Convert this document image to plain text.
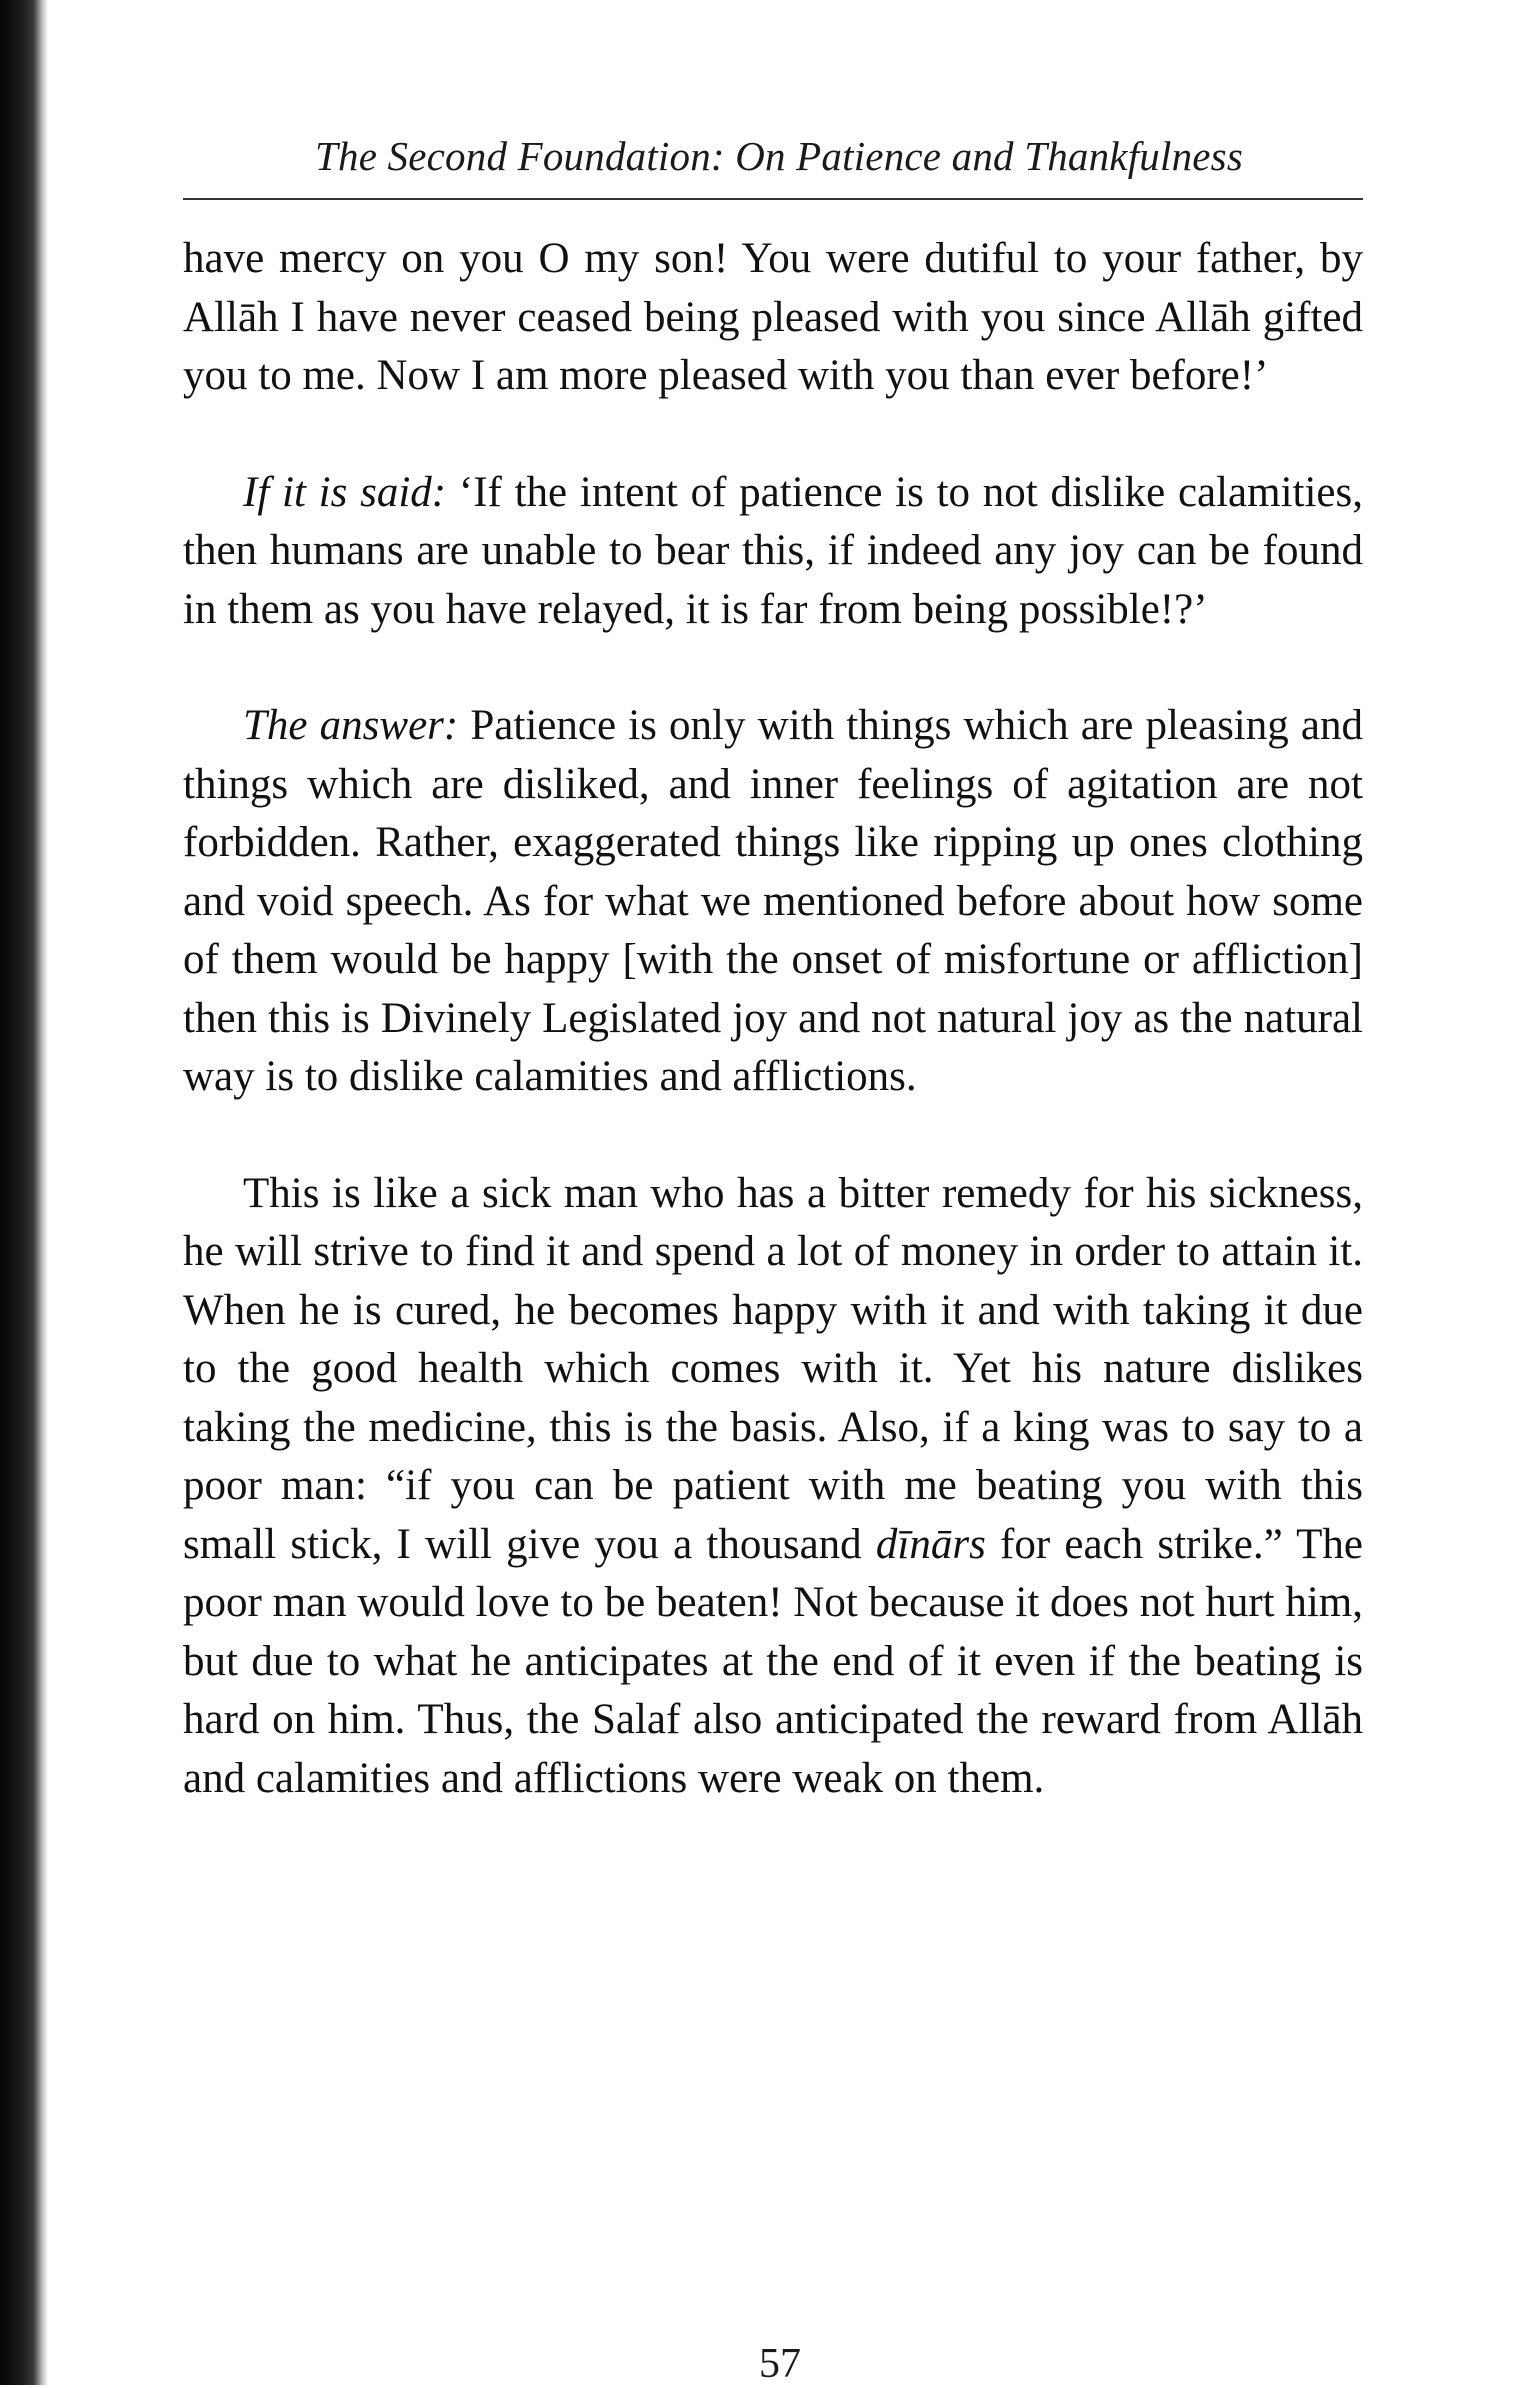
The Second Foundation: On Patience and Thankfulness

have mercy on you O my son! You were dutiful to your father, by Allāh I have never ceased being pleased with you since Allāh gifted you to me. Now I am more pleased with you than ever before!’

If it is said: ‘If the intent of patience is to not dislike calamities, then humans are unable to bear this, if indeed any joy can be found in them as you have relayed, it is far from being possible!?’

The answer: Patience is only with things which are pleasing and things which are disliked, and inner feelings of agitation are not forbidden. Rather, exaggerated things like ripping up ones clothing and void speech. As for what we mentioned before about how some of them would be happy [with the onset of misfortune or affliction] then this is Divinely Legislated joy and not natural joy as the natural way is to dislike calamities and afflictions.

This is like a sick man who has a bitter remedy for his sickness, he will strive to find it and spend a lot of money in order to attain it. When he is cured, he becomes happy with it and with taking it due to the good health which comes with it. Yet his nature dislikes taking the medicine, this is the basis. Also, if a king was to say to a poor man: “if you can be patient with me beating you with this small stick, I will give you a thousand dīnārs for each strike.” The poor man would love to be beaten! Not because it does not hurt him, but due to what he anticipates at the end of it even if the beating is hard on him. Thus, the Salaf also anticipated the reward from Allāh and calamities and afflictions were weak on them.

57
